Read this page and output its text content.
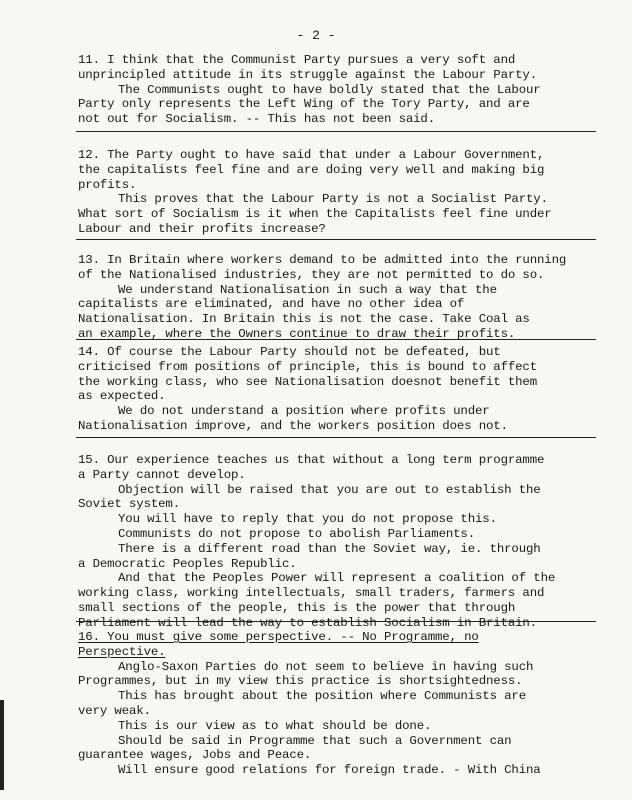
- 2 -
11. I think that the Communist Party pursues a very soft and
unprincipled attitude in its struggle against the Labour Party.
The Communists ought to have boldly stated that the Labour
Party only represents the Left Wing of the Tory Party, and are
not out for Socialism. -- This has not been said.
12. The Party ought to have said that under a Labour Government,
the capitalists feel fine and are doing very well and making big
profits.
This proves that the Labour Party is not a Socialist Party.
What sort of Socialism is it when the Capitalists feel fine under
Labour and their profits increase?
13. In Britain where workers demand to be admitted into the running
of the Nationalised industries, they are not permitted to do so.
We understand Nationalisation in such a way that the
capitalists are eliminated, and have no other idea of
Nationalisation. In Britain this is not the case. Take Coal as
an example, where the Owners continue to draw their profits.
14. Of course the Labour Party should not be defeated, but
criticised from positions of principle, this is bound to affect
the working class, who see Nationalisation doesnot benefit them
as expected.
We do not understand a position where profits under
Nationalisation improve, and the workers position does not.
15. Our experience teaches us that without a long term programme
a Party cannot develop.
Objection will be raised that you are out to establish the
Soviet system.
You will have to reply that you do not propose this.
Communists do not propose to abolish Parliaments.
There is a different road than the Soviet way, ie. through
a Democratic Peoples Republic.
And that the Peoples Power will represent a coalition of the
working class, working intellectuals, small traders, farmers and
small sections of the people, this is the power that through
Parliament will lead the way to establish Socialism in Britain.
16. You must give some perspective. -- No Programme, no
Perspective.
Anglo-Saxon Parties do not seem to believe in having such
Programmes, but in my view this practice is shortsightedness.
This has brought about the position where Communists are
very weak.
This is our view as to what should be done.
Should be said in Programme that such a Government can
guarantee wages, Jobs and Peace.
Will ensure good relations for foreign trade. - With China
